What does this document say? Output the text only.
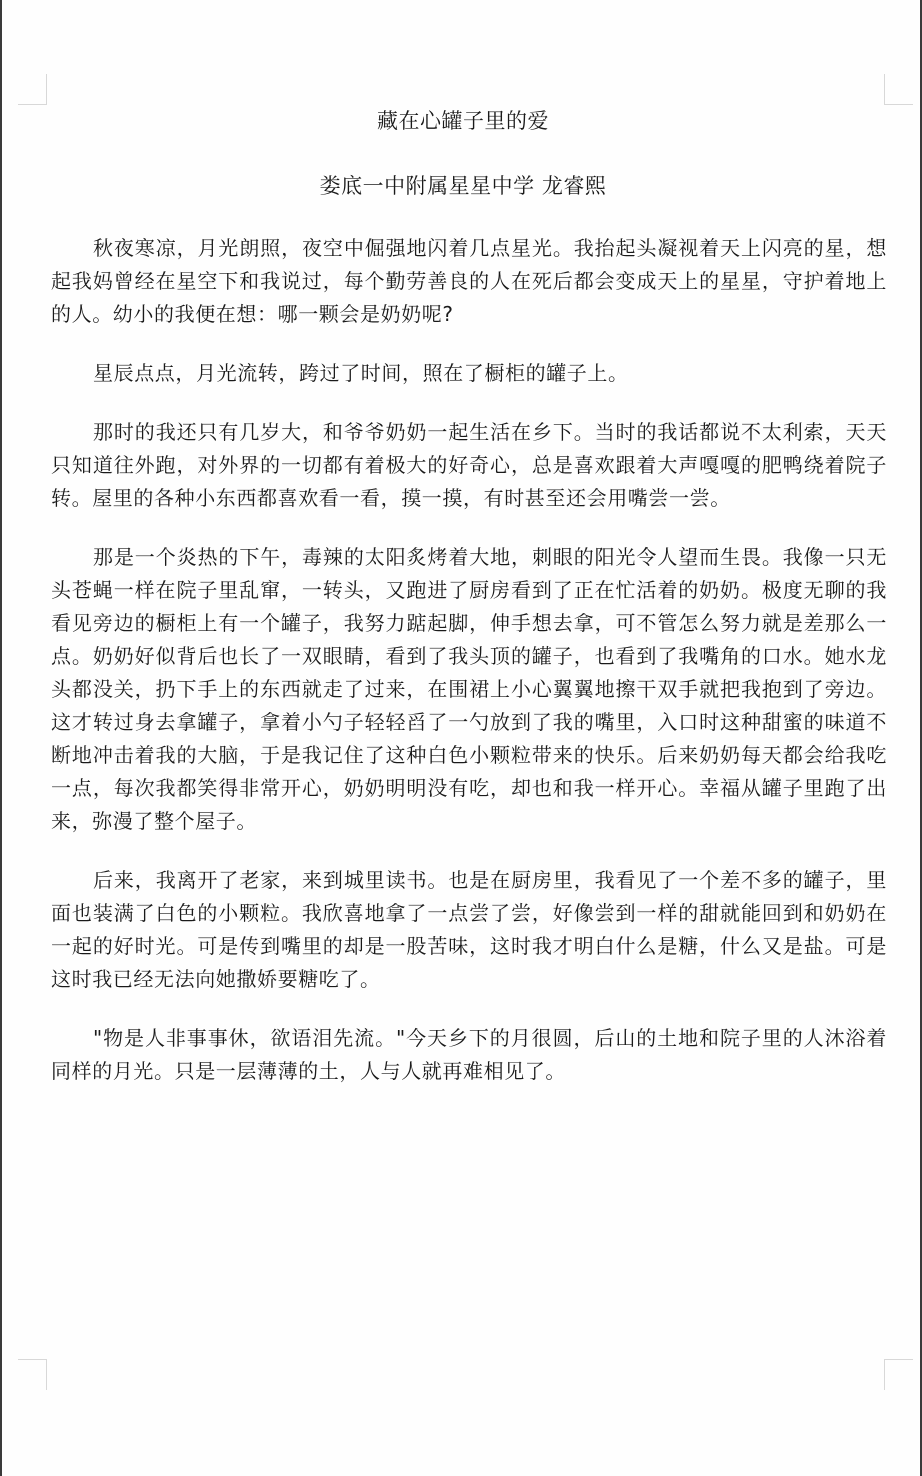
藏在心罐子里的爱
娄底一中附属星星中学 龙睿熙

秋夜寒凉，月光朗照，夜空中倔强地闪着几点星光。我抬起头凝视着天上闪亮的星，想起我妈曾经在星空下和我说过，每个勤劳善良的人在死后都会变成天上的星星，守护着地上的人。幼小的我便在想：哪一颗会是奶奶呢?

星辰点点，月光流转，跨过了时间，照在了橱柜的罐子上。

那时的我还只有几岁大，和爷爷奶奶一起生活在乡下。当时的我话都说不太利索，天天只知道往外跑，对外界的一切都有着极大的好奇心，总是喜欢跟着大声嘎嘎的肥鸭绕着院子转。屋里的各种小东西都喜欢看一看，摸一摸，有时甚至还会用嘴尝一尝。

那是一个炎热的下午，毒辣的太阳炙烤着大地，刺眼的阳光令人望而生畏。我像一只无头苍蝇一样在院子里乱窜，一转头，又跑进了厨房看到了正在忙活着的奶奶。极度无聊的我看见旁边的橱柜上有一个罐子，我努力踮起脚，伸手想去拿，可不管怎么努力就是差那么一点。奶奶好似背后也长了一双眼睛，看到了我头顶的罐子，也看到了我嘴角的口水。她水龙头都没关，扔下手上的东西就走了过来，在围裙上小心翼翼地擦干双手就把我抱到了旁边。这才转过身去拿罐子，拿着小勺子轻轻舀了一勺放到了我的嘴里，入口时这种甜蜜的味道不断地冲击着我的大脑，于是我记住了这种白色小颗粒带来的快乐。后来奶奶每天都会给我吃一点，每次我都笑得非常开心，奶奶明明没有吃，却也和我一样开心。幸福从罐子里跑了出来，弥漫了整个屋子。

后来，我离开了老家，来到城里读书。也是在厨房里，我看见了一个差不多的罐子，里面也装满了白色的小颗粒。我欣喜地拿了一点尝了尝，好像尝到一样的甜就能回到和奶奶在一起的好时光。可是传到嘴里的却是一股苦味，这时我才明白什么是糖，什么又是盐。可是这时我已经无法向她撒娇要糖吃了。

"物是人非事事休，欲语泪先流。"今天乡下的月很圆，后山的土地和院子里的人沐浴着同样的月光。只是一层薄薄的土，人与人就再难相见了。
